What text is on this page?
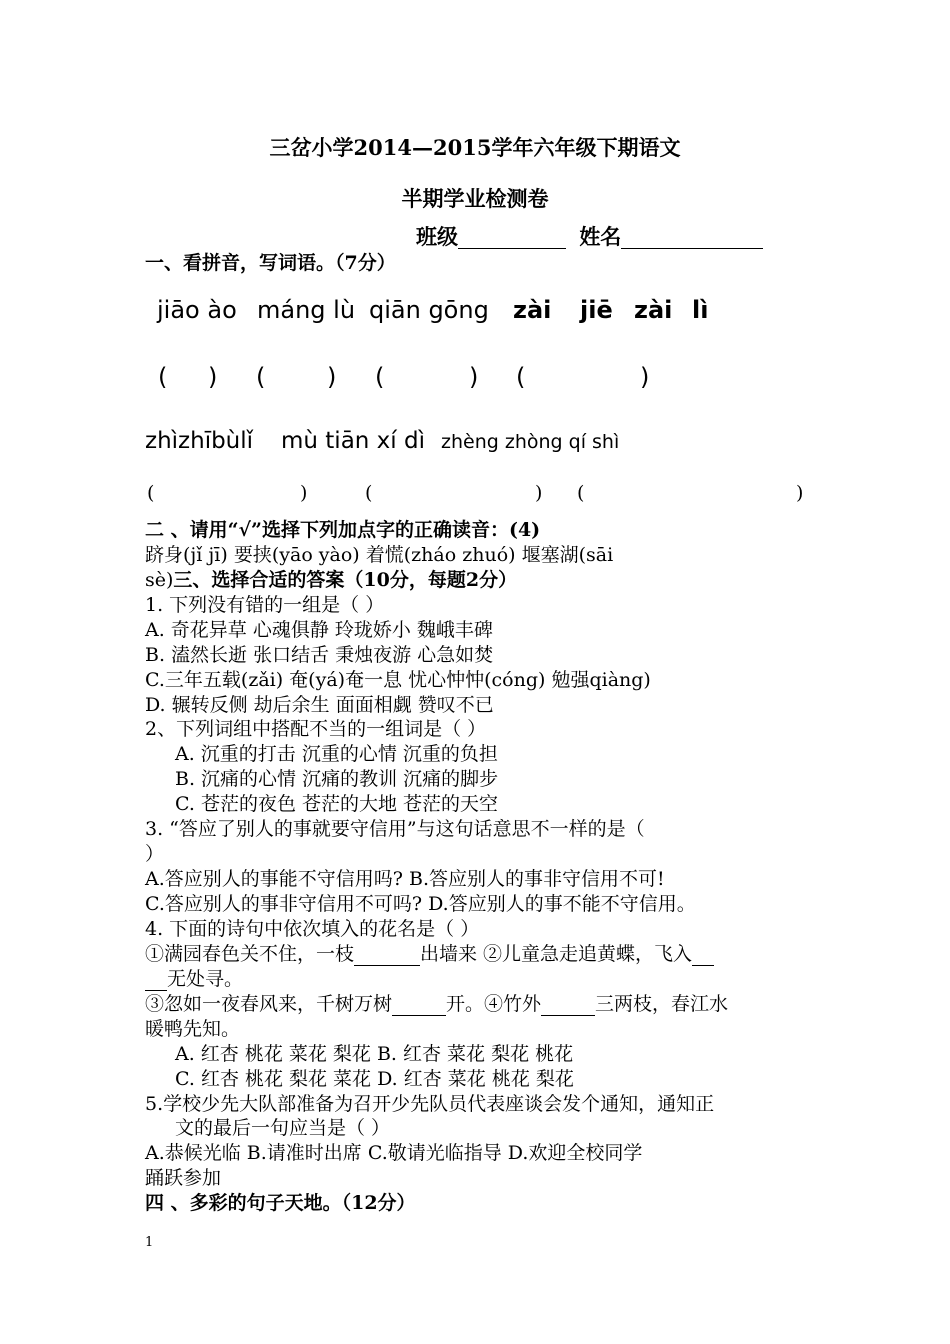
三岔小学2014—2015学年六年级下期语文
半期学业检测卷
班级	姓名
一、看拼音，写词语。（7分）
jiāo ào máng lù qiān gōng zài jiē zài lì
( ) (	) (	) (	)
zhìzhībùlǐ mù tiān xí dì zhèng zhòng qí shì
(	)	(	) (	)
二 、请用“√”选择下列加点字的正确读音：(4)
跻身(jǐ jī) 要挟(yāo yào) 着慌(zháo zhuó) 堰塞湖(sāi
sè)三、选择合适的答案（10分，每题2分）
1. 下列没有错的一组是（ ）
A. 奇花异草 心魂俱静 玲珑娇小 魏峨丰碑
B. 溘然长逝 张口结舌 秉烛夜游 心急如焚
C.三年五载(zǎi) 奄(yá)奄一息 忧心忡忡(cóng) 勉强qiàng)
D. 辗转反侧 劫后余生 面面相觑 赞叹不已
2、下列词组中搭配不当的一组词是（ ）
A. 沉重的打击 沉重的心情 沉重的负担
B. 沉痛的心情 沉痛的教训 沉痛的脚步
C. 苍茫的夜色 苍茫的大地 苍茫的天空
3. “答应了别人的事就要守信用”与这句话意思不一样的是（
）
A.答应别人的事能不守信用吗? B.答应别人的事非守信用不可!
C.答应别人的事非守信用不可吗? D.答应别人的事不能不守信用。
4. 下面的诗句中依次填入的花名是（ ）
①满园春色关不住，一枝	出墙来 ②儿童急走追黄蝶，飞入
无处寻。
③忽如一夜春风来，千树万树	开。④竹外	三两枝，春江水
暖鸭先知。
A. 红杏 桃花 菜花 梨花 B. 红杏 菜花 梨花 桃花
C. 红杏 桃花 梨花 菜花 D. 红杏 菜花 桃花 梨花
5.学校少先大队部准备为召开少先队员代表座谈会发个通知，通知正
文的最后一句应当是（ ）
A.恭候光临 B.请准时出席 C.敬请光临指导 D.欢迎全校同学
踊跃参加
四 、多彩的句子天地。（12分）
1
